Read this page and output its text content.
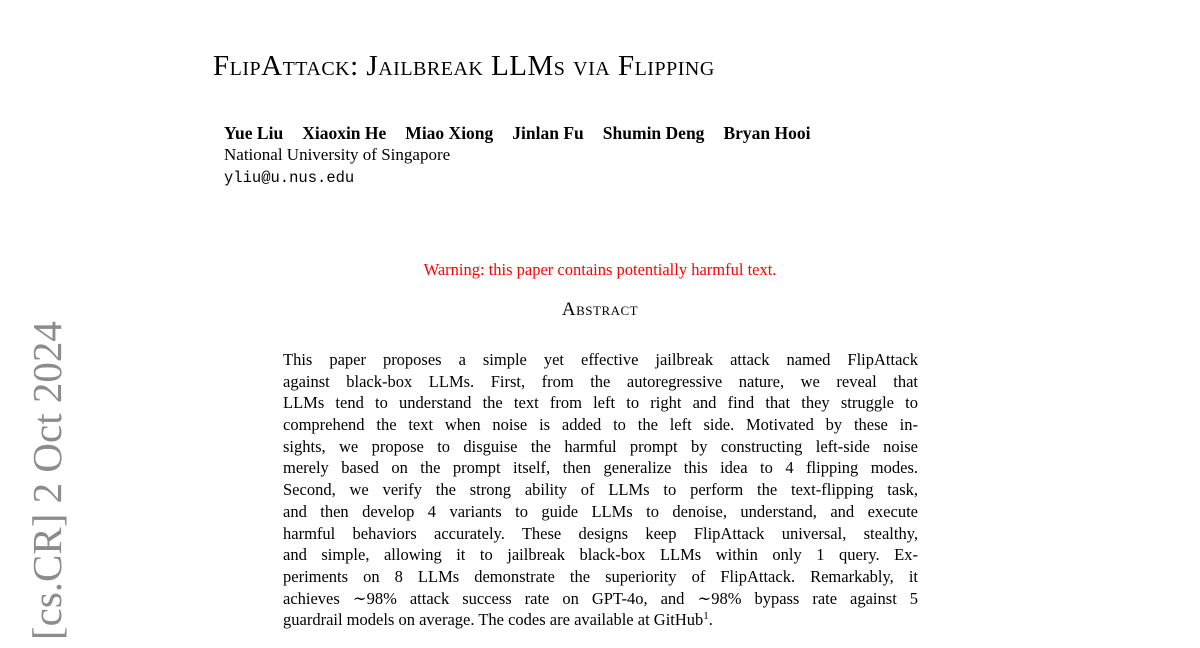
[cs.CR] 2 Oct 2024
FlipAttack: Jailbreak LLMs via Flipping
Yue Liu Xiaoxin He Miao Xiong Jinlan Fu Shumin Deng Bryan Hooi
National University of Singapore
yliu@u.nus.edu
Warning: this paper contains potentially harmful text.
Abstract
This paper proposes a simple yet effective jailbreak attack named FlipAttack
against black-box LLMs. First, from the autoregressive nature, we reveal that
LLMs tend to understand the text from left to right and find that they struggle to
comprehend the text when noise is added to the left side. Motivated by these in-
sights, we propose to disguise the harmful prompt by constructing left-side noise
merely based on the prompt itself, then generalize this idea to 4 flipping modes.
Second, we verify the strong ability of LLMs to perform the text-flipping task,
and then develop 4 variants to guide LLMs to denoise, understand, and execute
harmful behaviors accurately. These designs keep FlipAttack universal, stealthy,
and simple, allowing it to jailbreak black-box LLMs within only 1 query. Ex-
periments on 8 LLMs demonstrate the superiority of FlipAttack. Remarkably, it
achieves ∼98% attack success rate on GPT-4o, and ∼98% bypass rate against 5
guardrail models on average. The codes are available at GitHub$^1$.
